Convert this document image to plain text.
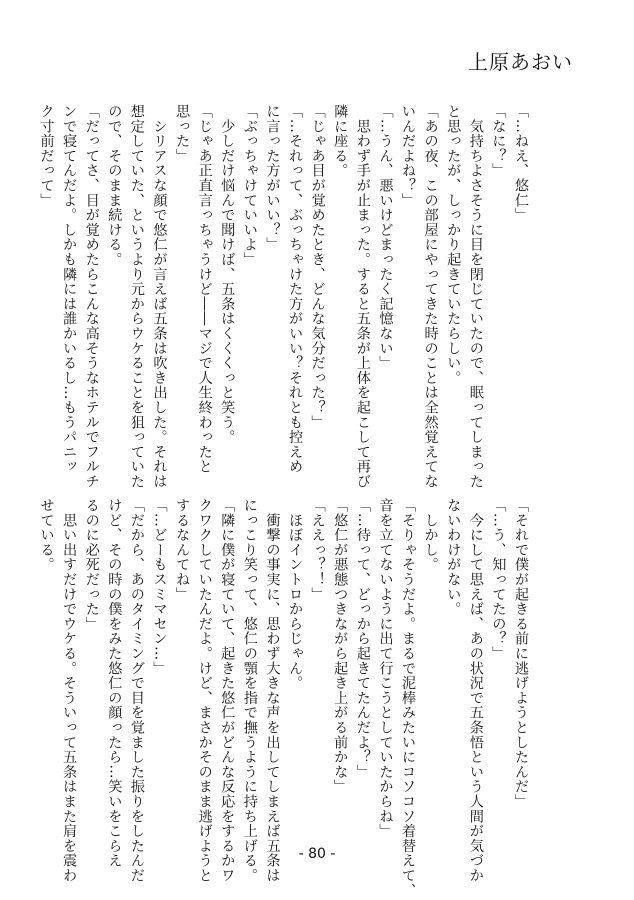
上原あおい

「…ねえ、悠仁」

「なに？」

　気持ちよさそうに目を閉じていたので、眠ってしまった

と思ったが、しっかり起きていたらしい。

「あの夜、この部屋にやってきた時のことは全然覚えてな

いんだよね？」

「…うん、悪いけどまったく記憶ない」

　思わず手が止まった。すると五条が上体を起こして再び

隣に座る。

「じゃあ目が覚めたとき、どんな気分だった？」

「…それって、ぶっちゃけた方がいい？それとも控えめ

に言った方がいい？」

「ぶっちゃけていいよ」

　少しだけ悩んで聞けば、五条はくくくっと笑う。

「じゃあ正直言っちゃうけど――マジで人生終わったと

思った」

　シリアスな顔で悠仁が言えば五条は吹き出した。それは

想定していた、というより元からウケることを狙っていた

ので、そのまま続ける。

「だってさ、目が覚めたらこんな高そうなホテルでフルチ

ンで寝てんだよ。しかも隣には誰かいるし…もうパニッ

ク寸前だって」

「それで僕が起きる前に逃げようとしたんだ」

「…う、知ってたの？」

　今にして思えば、あの状況で五条悟という人間が気づか

ないわけがない。

　しかし。

「そりゃそうだよ。まるで泥棒みたいにコソコソ着替えて、

音を立てないように出て行こうとしていたからね」

「…待って、どっから起きてたんだよ？」

「悠仁が悪態つきながら起き上がる前かな」

「ええっ？！」

　ほぼイントロからじゃん。

　衝撃の事実に、思わず大きな声を出してしまえば五条は

にっこり笑って、悠仁の顎を指で撫うように持ち上げる。

「隣に僕が寝ていて、起きた悠仁がどんな反応をするかワ

クワクしていたんだよ。けど、まさかそのまま逃げようと

するなんてね」

「…どーもスミマセン…」

「だから、あのタイミングで目を覚ました振りをしたんだ

けど、その時の僕をみた悠仁の顔ったら…笑いをこらえ

るのに必死だった」

　思い出すだけでウケる。そういって五条はまた肩を震わ

せている。

- 80 -
